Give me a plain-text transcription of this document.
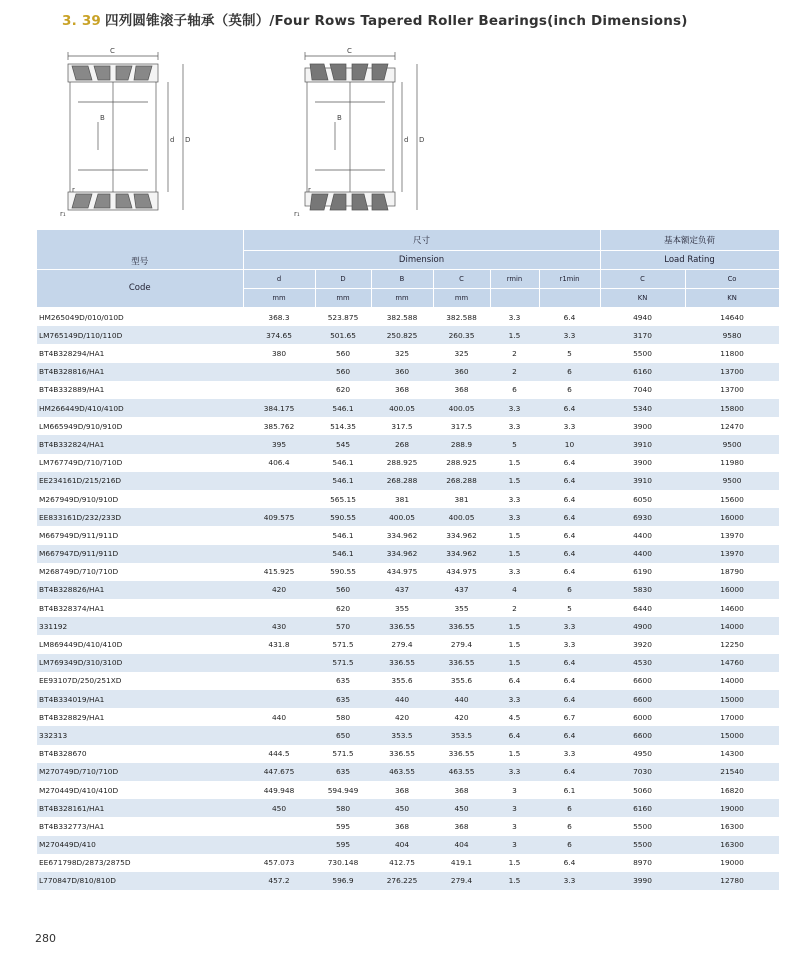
3. 39 四列圆锥滚子轴承（英制）/Four Rows Tapered Roller Bearings(inch Dimensions)
C
B
d D
r
r₁
C
B
d D
r
r₁
型号	尺寸						基本额定负荷	
	Dimension						Load Rating	
Code	d	D	B	C	rmin	r1min	C	Co
	mm	mm	mm	mm			KN	KN
HM265049D/010/010D	368.3	523.875	382.588	382.588	3.3	6.4	4940	14640
LM765149D/110/110D	374.65	501.65	250.825	260.35	1.5	3.3	3170	9580
BT4B328294/HA1	380	560	325	325	2	5	5500	11800
BT4B328816/HA1		560	360	360	2	6	6160	13700
BT4B332889/HA1		620	368	368	6	6	7040	13700
HM266449D/410/410D	384.175	546.1	400.05	400.05	3.3	6.4	5340	15800
LM665949D/910/910D	385.762	514.35	317.5	317.5	3.3	3.3	3900	12470
BT4B332824/HA1	395	545	268	288.9	5	10	3910	9500
LM767749D/710/710D	406.4	546.1	288.925	288.925	1.5	6.4	3900	11980
EE234161D/215/216D		546.1	268.288	268.288	1.5	6.4	3910	9500
M267949D/910/910D		565.15	381	381	3.3	6.4	6050	15600
EE833161D/232/233D	409.575	590.55	400.05	400.05	3.3	6.4	6930	16000
M667949D/911/911D		546.1	334.962	334.962	1.5	6.4	4400	13970
M667947D/911/911D		546.1	334.962	334.962	1.5	6.4	4400	13970
M268749D/710/710D	415.925	590.55	434.975	434.975	3.3	6.4	6190	18790
BT4B328826/HA1	420	560	437	437	4	6	5830	16000
BT4B328374/HA1		620	355	355	2	5	6440	14600
331192	430	570	336.55	336.55	1.5	3.3	4900	14000
LM869449D/410/410D	431.8	571.5	279.4	279.4	1.5	3.3	3920	12250
LM769349D/310/310D		571.5	336.55	336.55	1.5	6.4	4530	14760
EE93107D/250/251XD		635	355.6	355.6	6.4	6.4	6600	14000
BT4B334019/HA1		635	440	440	3.3	6.4	6600	15000
BT4B328829/HA1	440	580	420	420	4.5	6.7	6000	17000
332313		650	353.5	353.5	6.4	6.4	6600	15000
BT4B328670	444.5	571.5	336.55	336.55	1.5	3.3	4950	14300
M270749D/710/710D	447.675	635	463.55	463.55	3.3	6.4	7030	21540
M270449D/410/410D	449.948	594.949	368	368	3	6.1	5060	16820
BT4B328161/HA1	450	580	450	450	3	6	6160	19000
BT4B332773/HA1		595	368	368	3	6	5500	16300
M270449D/410		595	404	404	3	6	5500	16300
EE671798D/2873/2875D	457.073	730.148	412.75	419.1	1.5	6.4	8970	19000
L770847D/810/810D	457.2	596.9	276.225	279.4	1.5	3.3	3990	12780
280
